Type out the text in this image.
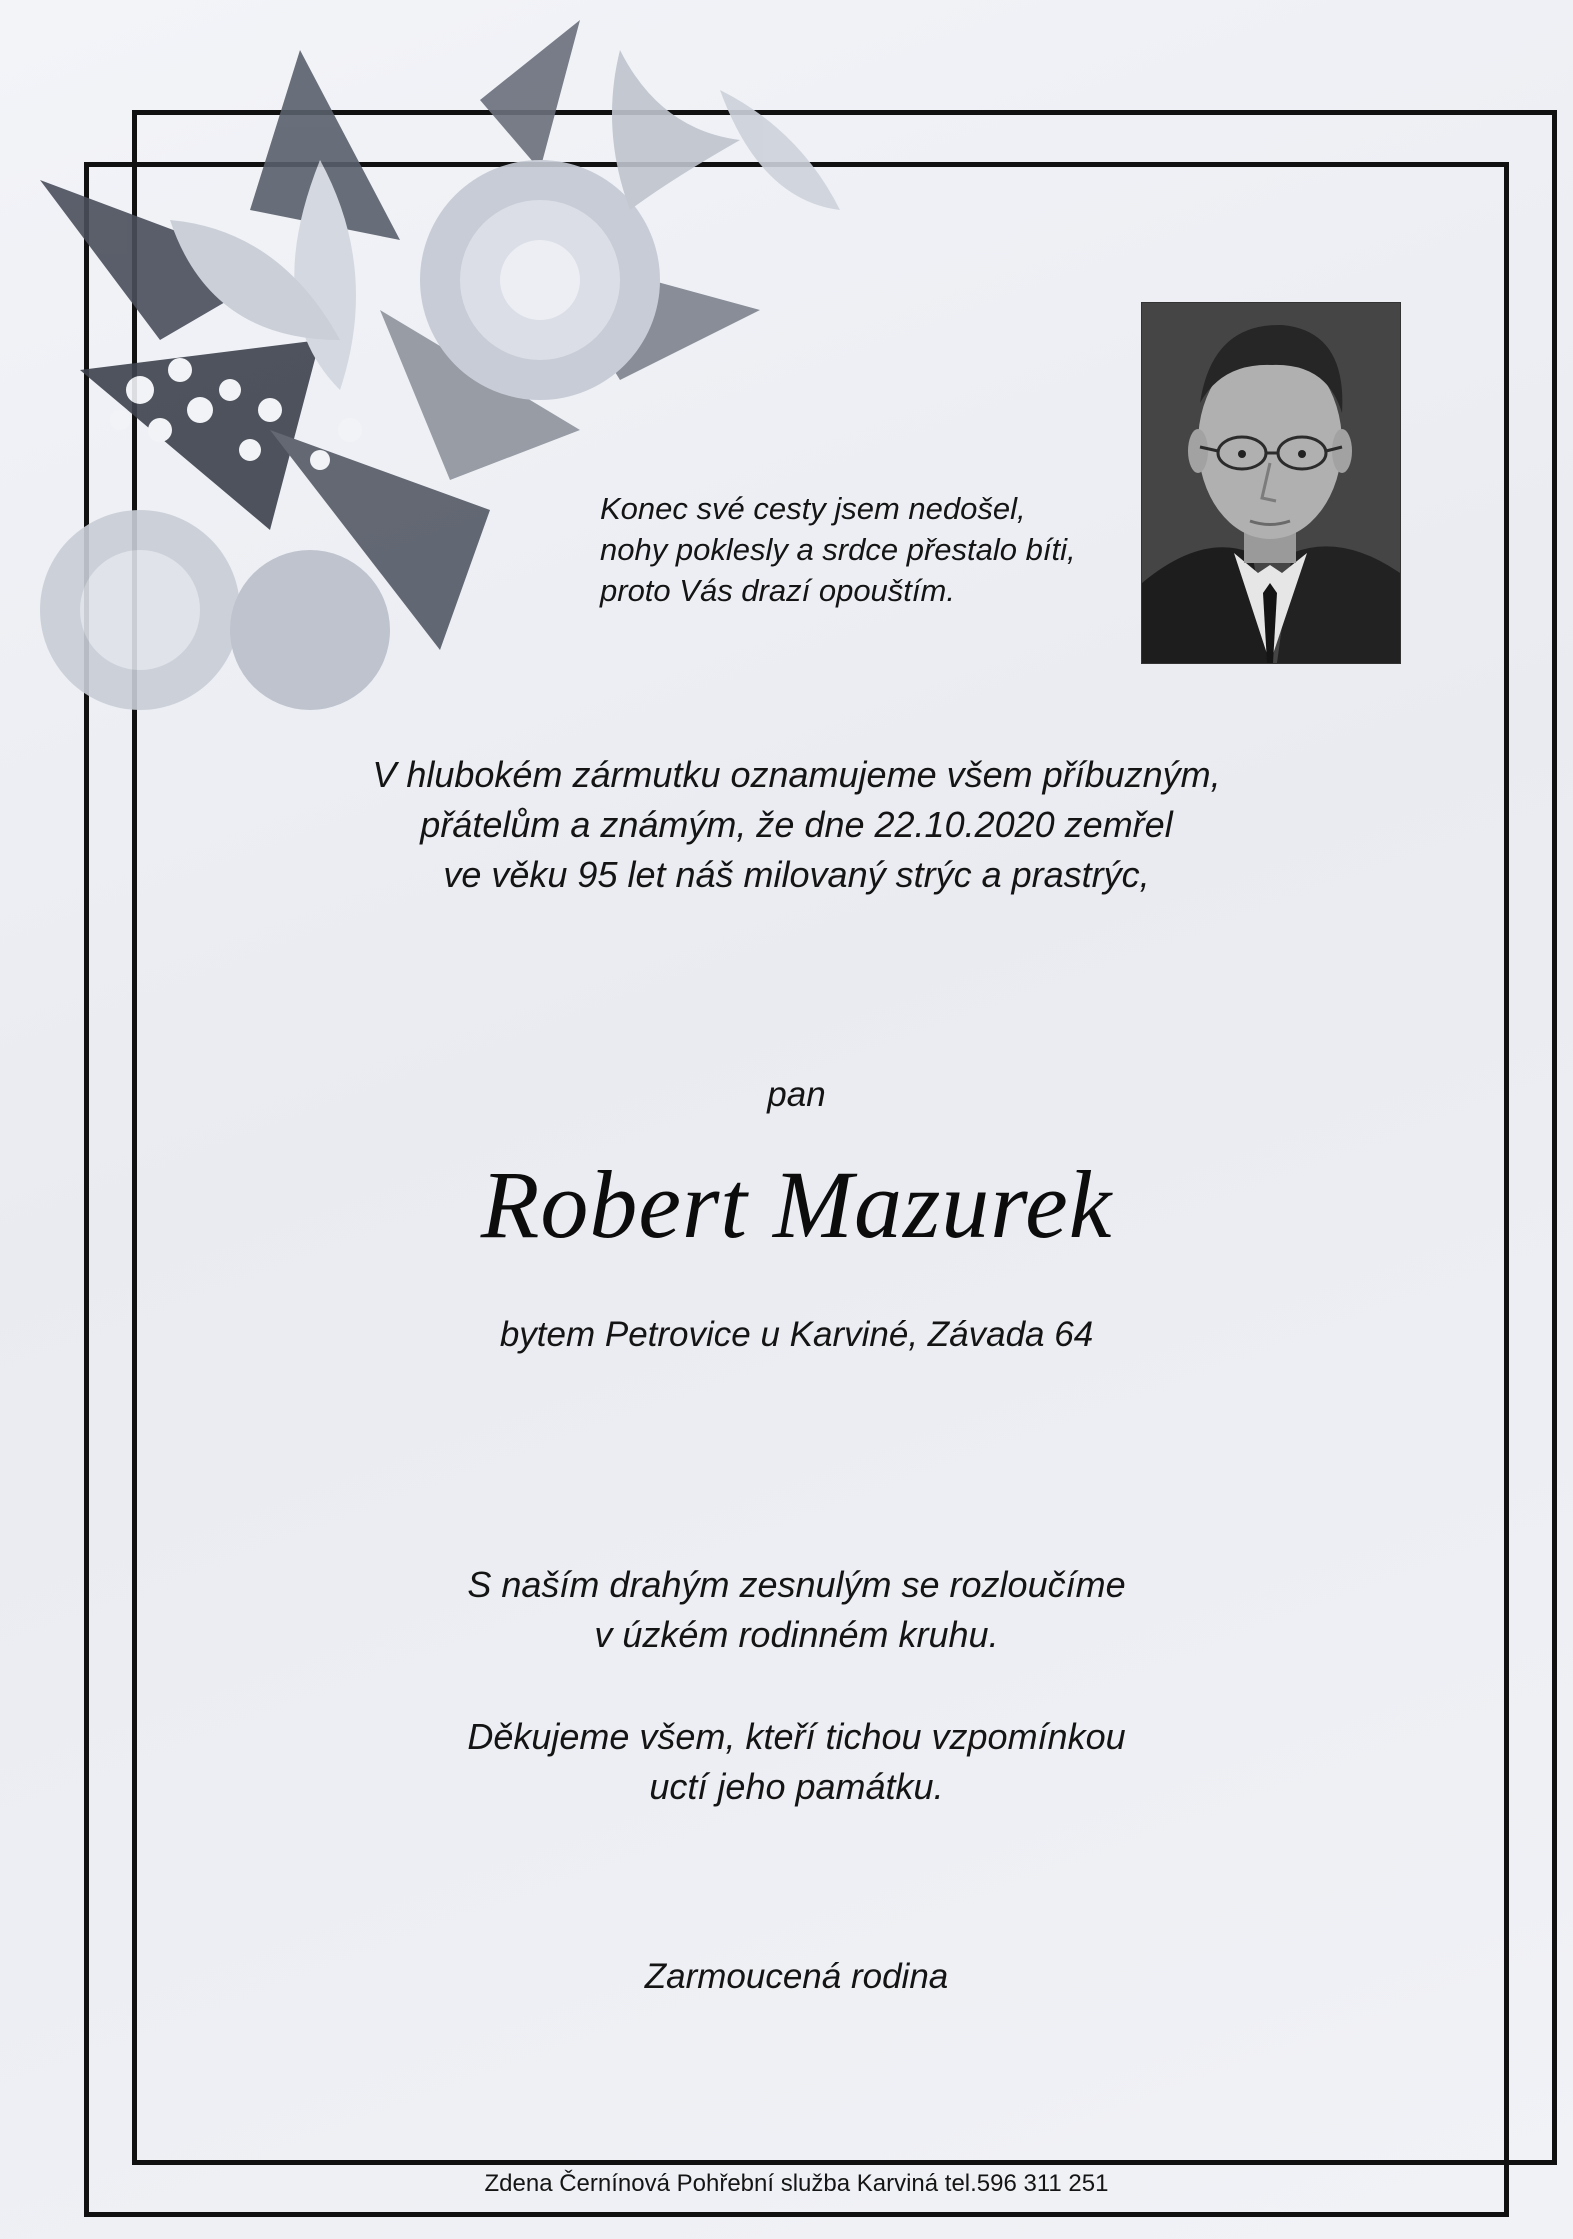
Konec své cesty jsem nedošel,
nohy poklesly a srdce přestalo bíti,
proto Vás drazí opouštím.
V hlubokém zármutku oznamujeme všem příbuzným,
přátelům a známým, že dne 22.10.2020 zemřel
ve věku 95 let náš milovaný strýc a prastrýc,
pan
Robert Mazurek
bytem Petrovice u Karviné, Závada 64
S naším drahým zesnulým se rozloučíme
v úzkém rodinném kruhu.
Děkujeme všem, kteří tichou vzpomínkou
uctí jeho památku.
Zarmoucená rodina
Zdena Černínová Pohřební služba Karviná tel.596 311 251
